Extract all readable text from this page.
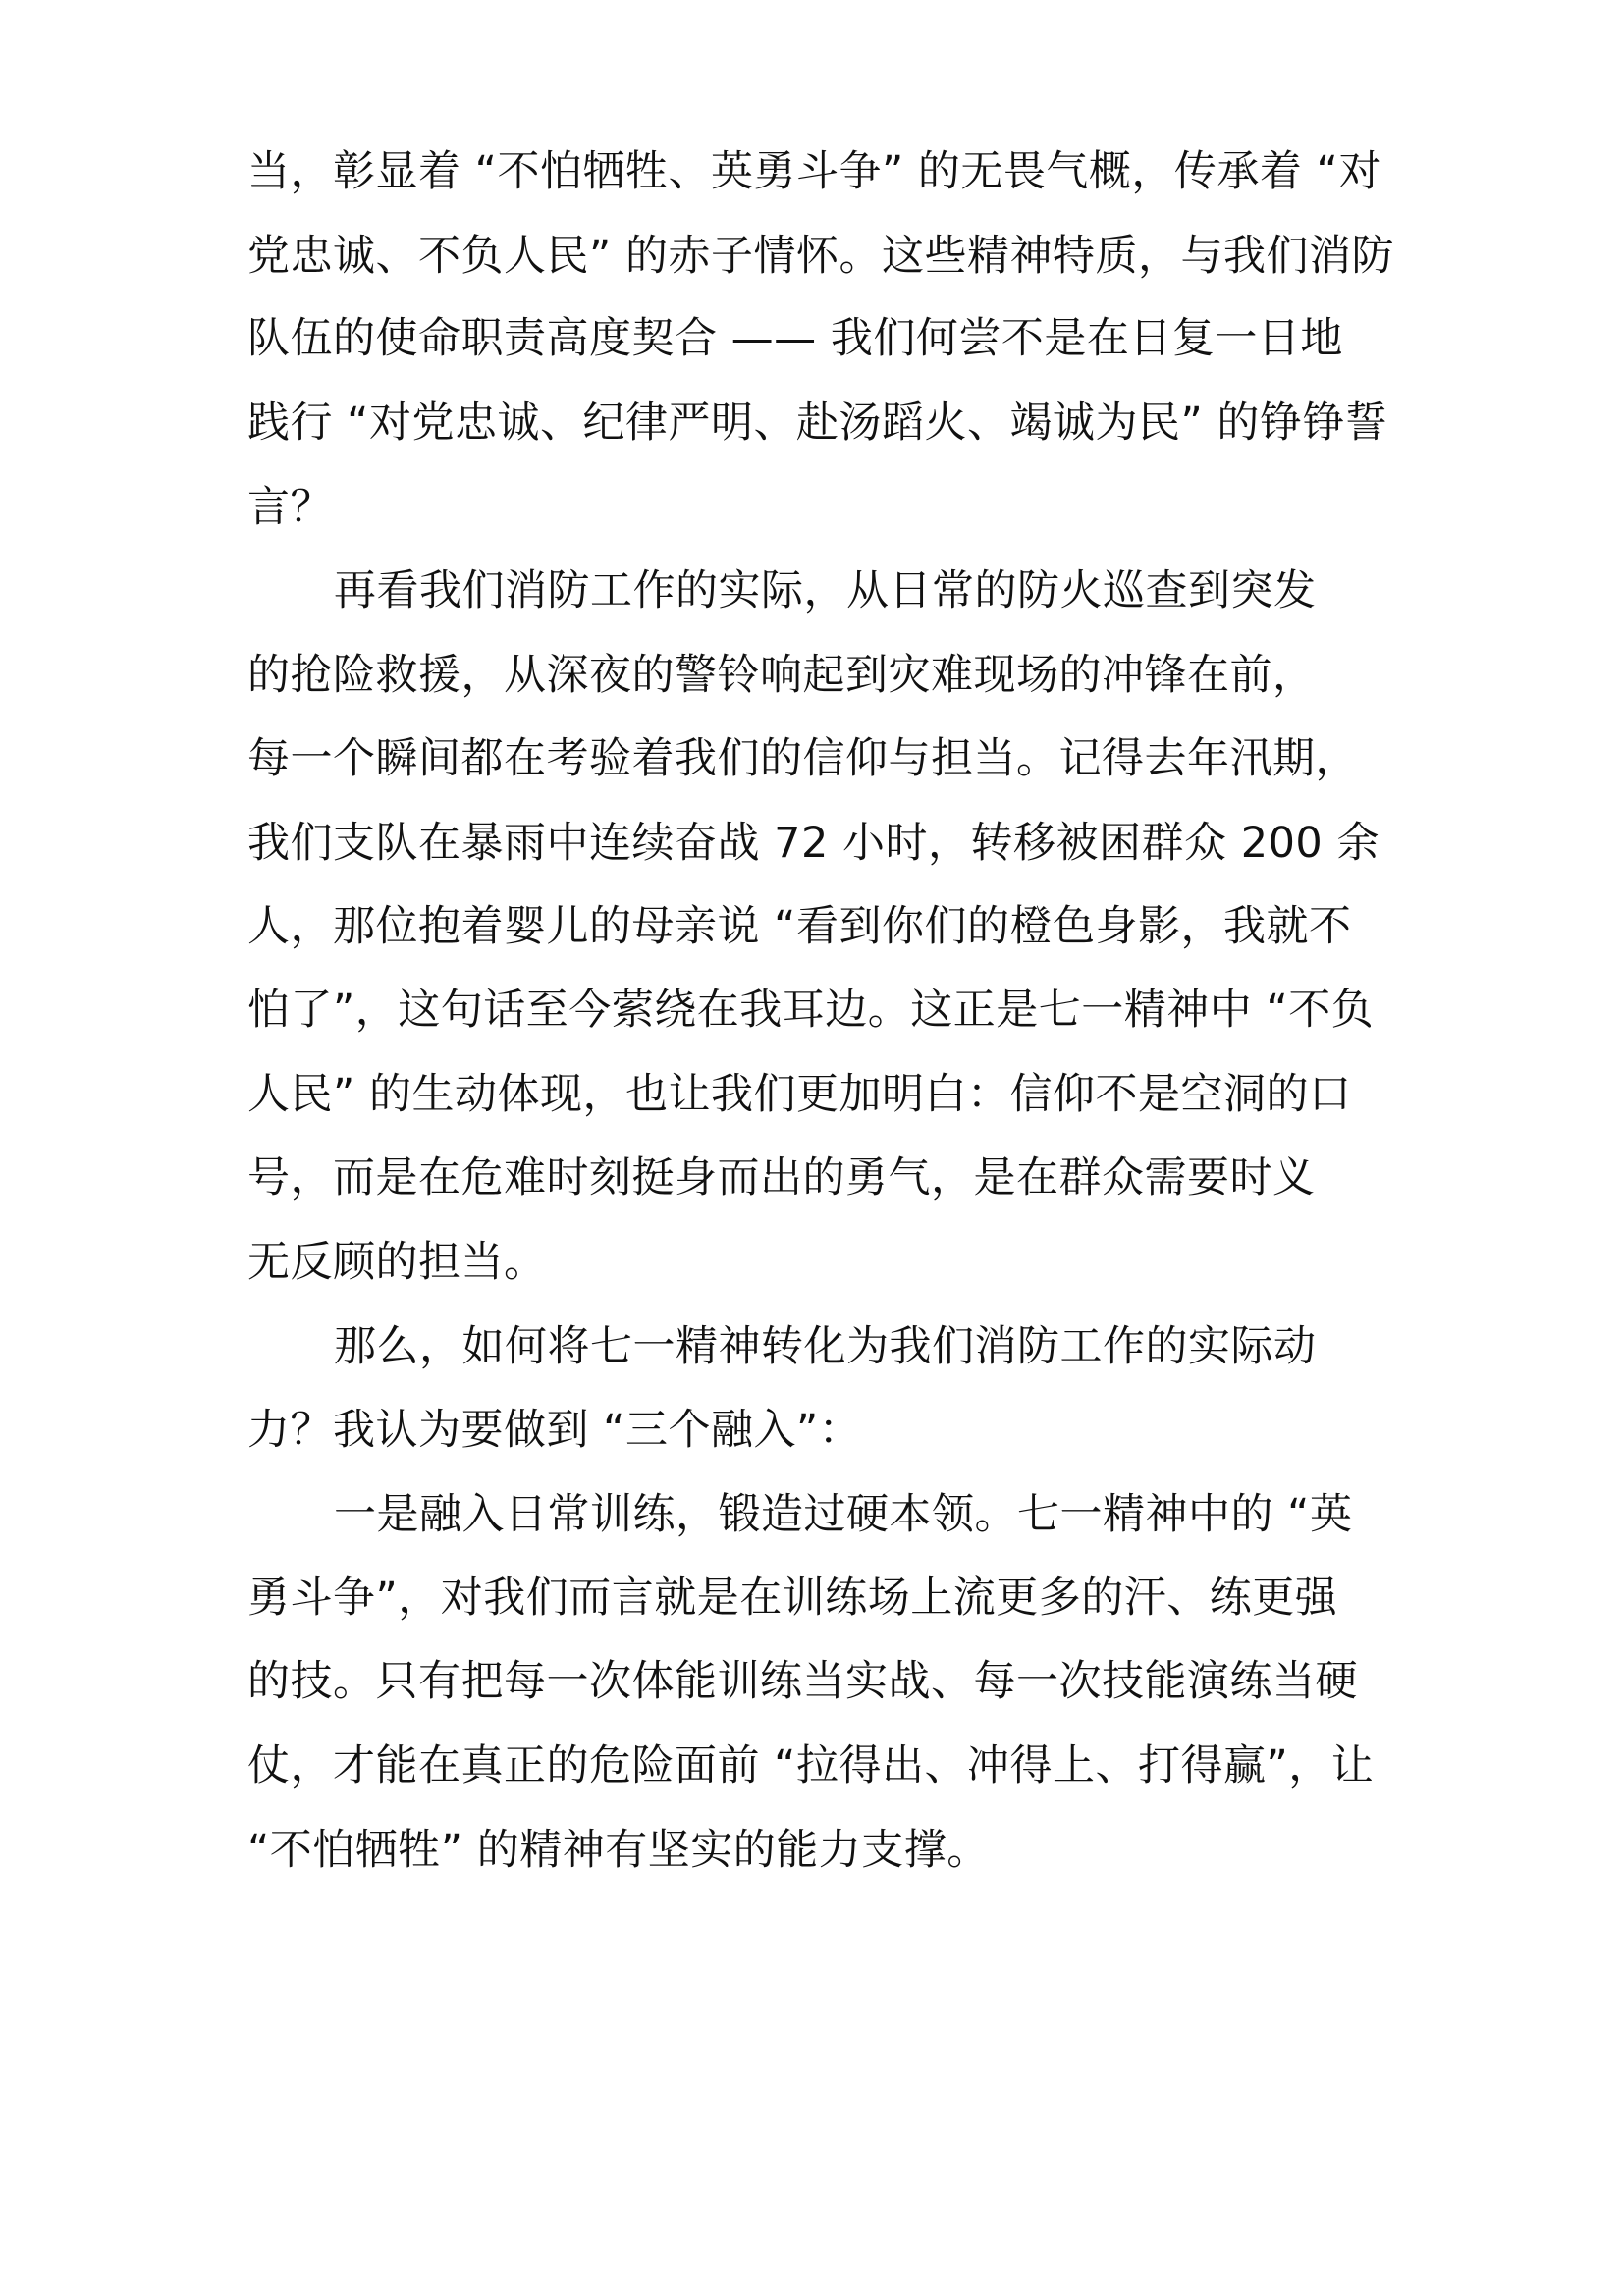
当，彰显着 “不怕牺牲、英勇斗争” 的无畏气概，传承着 “对
党忠诚、不负人民” 的赤子情怀。这些精神特质，与我们消防
队伍的使命职责高度契合 —— 我们何尝不是在日复一日地
践行 “对党忠诚、纪律严明、赴汤蹈火、竭诚为民” 的铮铮誓
言？
再看我们消防工作的实际，从日常的防火巡查到突发
的抢险救援，从深夜的警铃响起到灾难现场的冲锋在前，
每一个瞬间都在考验着我们的信仰与担当。记得去年汛期，
我们支队在暴雨中连续奋战 72 小时，转移被困群众 200 余
人，那位抱着婴儿的母亲说 “看到你们的橙色身影，我就不
怕了”，这句话至今萦绕在我耳边。这正是七一精神中 “不负
人民” 的生动体现，也让我们更加明白：信仰不是空洞的口
号，而是在危难时刻挺身而出的勇气，是在群众需要时义
无反顾的担当。
那么，如何将七一精神转化为我们消防工作的实际动
力？我认为要做到 “三个融入”：
一是融入日常训练，锻造过硬本领。七一精神中的 “英
勇斗争”，对我们而言就是在训练场上流更多的汗、练更强
的技。只有把每一次体能训练当实战、每一次技能演练当硬
仗，才能在真正的危险面前 “拉得出、冲得上、打得赢”，让
“不怕牺牲” 的精神有坚实的能力支撑。
